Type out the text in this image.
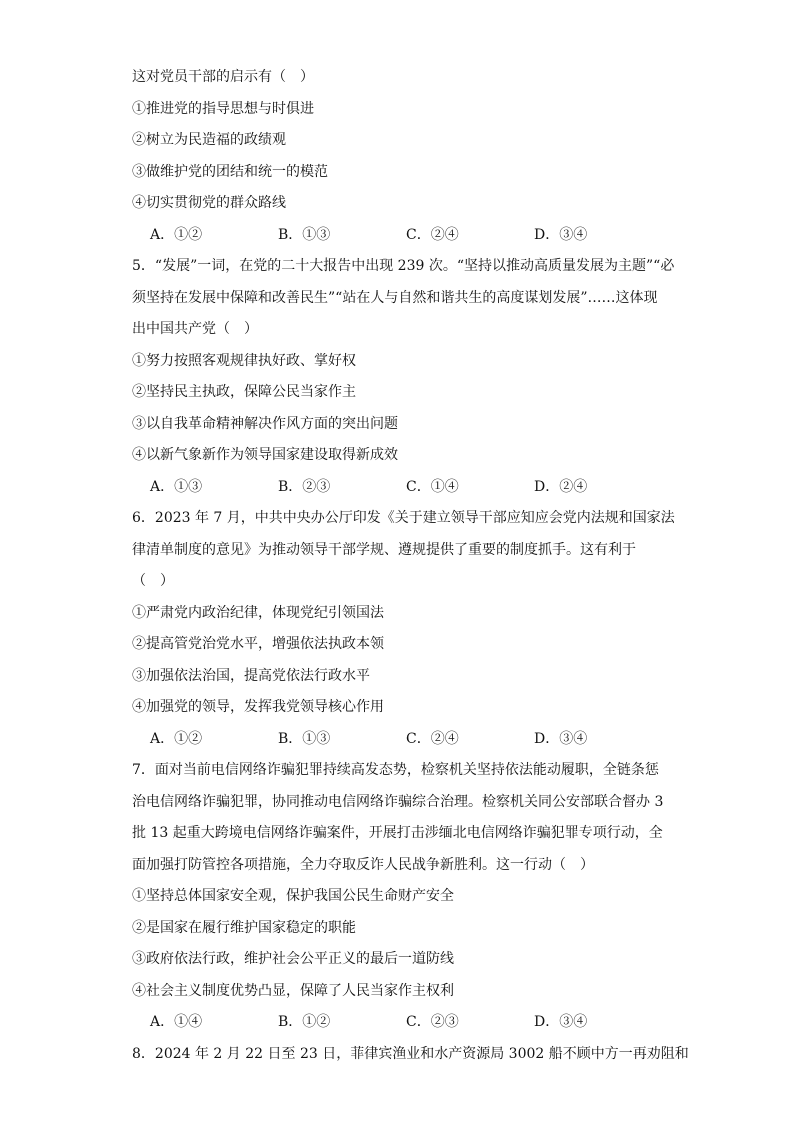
这对党员干部的启示有（　）
①推进党的指导思想与时俱进
②树立为民造福的政绩观
③做维护党的团结和统一的模范
④切实贯彻党的群众路线
A．①②	B．①③	C．②④	D．③④
5．“发展”一词，在党的二十大报告中出现 239 次。“坚持以推动高质量发展为主题”“必
须坚持在发展中保障和改善民生”“站在人与自然和谐共生的高度谋划发展”……这体现
出中国共产党（　）
①努力按照客观规律执好政、掌好权
②坚持民主执政，保障公民当家作主
③以自我革命精神解决作风方面的突出问题
④以新气象新作为领导国家建设取得新成效
A．①③	B．②③	C．①④	D．②④
6．2023 年 7 月，中共中央办公厅印发《关于建立领导干部应知应会党内法规和国家法
律清单制度的意见》为推动领导干部学规、遵规提供了重要的制度抓手。这有利于
（　）
①严肃党内政治纪律，体现党纪引领国法
②提高管党治党水平，增强依法执政本领
③加强依法治国，提高党依法行政水平
④加强党的领导，发挥我党领导核心作用
A．①②	B．①③	C．②④	D．③④
7．面对当前电信网络诈骗犯罪持续高发态势，检察机关坚持依法能动履职，全链条惩
治电信网络诈骗犯罪，协同推动电信网络诈骗综合治理。检察机关同公安部联合督办 3
批 13 起重大跨境电信网络诈骗案件，开展打击涉缅北电信网络诈骗犯罪专项行动，全
面加强打防管控各项措施，全力夺取反诈人民战争新胜利。这一行动（　）
①坚持总体国家安全观，保护我国公民生命财产安全
②是国家在履行维护国家稳定的职能
③政府依法行政，维护社会公平正义的最后一道防线
④社会主义制度优势凸显，保障了人民当家作主权利
A．①④	B．①②	C．②③	D．③④
8．2024 年 2 月 22 日至 23 日，菲律宾渔业和水产资源局 3002 船不顾中方一再劝阻和
